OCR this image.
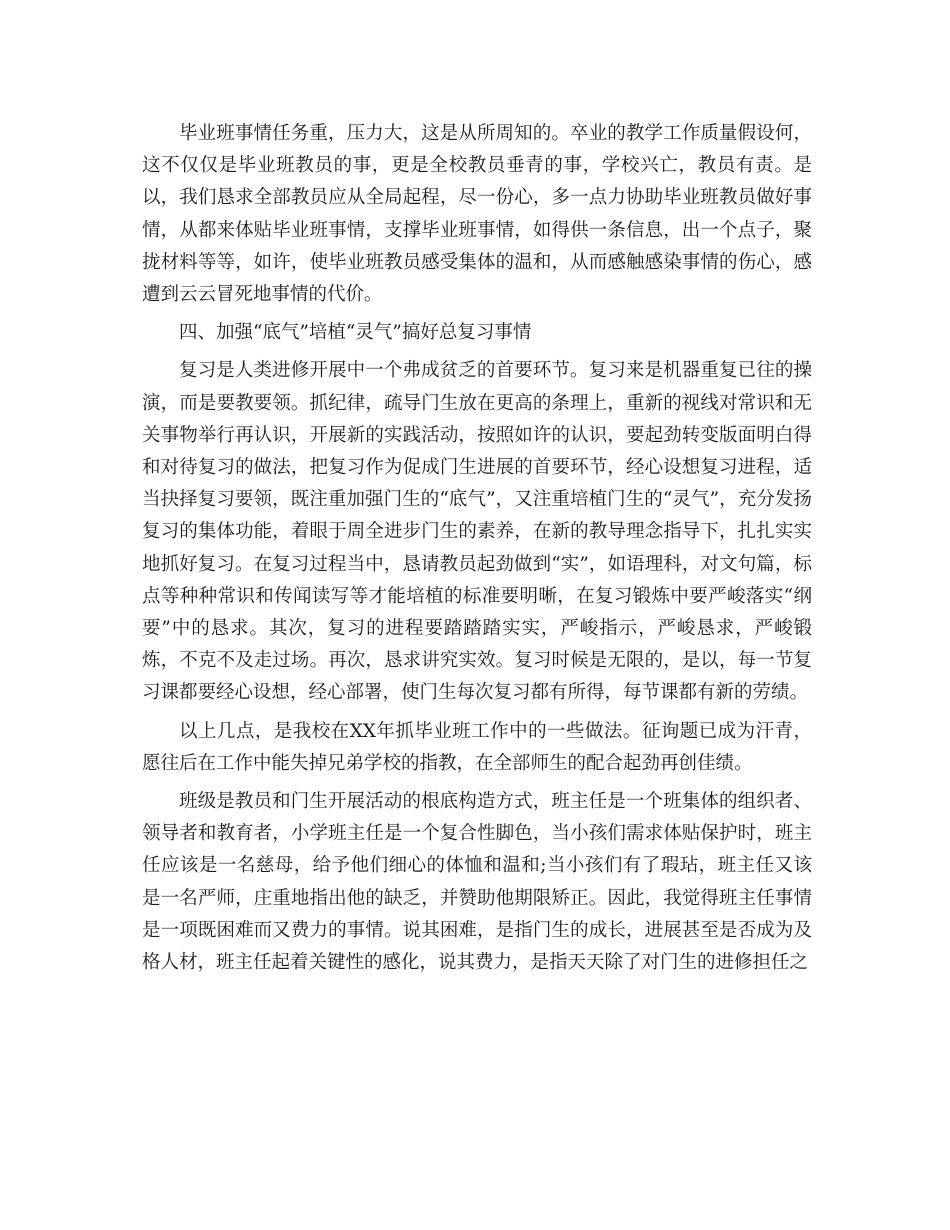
毕业班事情任务重，压力大，这是从所周知的。卒业的教学工作质量假设何，这不仅仅是毕业班教员的事，更是全校教员垂青的事，学校兴亡，教员有责。是以，我们恳求全部教员应从全局起程，尽一份心，多一点力协助毕业班教员做好事情，从都来体贴毕业班事情，支撑毕业班事情，如得供一条信息，出一个点子，聚拢材料等等，如许，使毕业班教员感受集体的温和，从而感触感染事情的伤心，感遭到云云冒死地事情的代价。

四、加强“底气”培植“灵气”搞好总复习事情

复习是人类进修开展中一个弗成贫乏的首要环节。复习来是机器重复已往的操演，而是要教要领。抓纪律，疏导门生放在更高的条理上，重新的视线对常识和无关事物举行再认识，开展新的实践活动，按照如许的认识，要起劲转变版面明白得和对待复习的做法，把复习作为促成门生进展的首要环节，经心设想复习进程，适当抉择复习要领，既注重加强门生的“底气”，又注重培植门生的“灵气”，充分发扬复习的集体功能，着眼于周全进步门生的素养，在新的教导理念指导下，扎扎实实地抓好复习。在复习过程当中，恳请教员起劲做到“实”，如语理科，对文句篇，标点等种种常识和传闻读写等才能培植的标准要明晰，在复习锻炼中要严峻落实“纲要”中的恳求。其次，复习的进程要踏踏踏实实，严峻指示，严峻恳求，严峻锻炼，不克不及走过场。再次，恳求讲究实效。复习时候是无限的，是以，每一节复习课都要经心设想，经心部署，使门生每次复习都有所得，每节课都有新的劳绩。

以上几点，是我校在XX年抓毕业班工作中的一些做法。征询题已成为汗青，愿往后在工作中能失掉兄弟学校的指教，在全部师生的配合起劲再创佳绩。

班级是教员和门生开展活动的根底构造方式，班主任是一个班集体的组织者、领导者和教育者，小学班主任是一个复合性脚色，当小孩们需求体贴保护时，班主任应该是一名慈母，给予他们细心的体恤和温和;当小孩们有了瑕玷，班主任又该是一名严师，庄重地指出他的缺乏，并赞助他期限矫正。因此，我觉得班主任事情是一项既困难而又费力的事情。说其困难，是指门生的成长，进展甚至是否成为及格人材，班主任起着关键性的感化，说其费力，是指天天除了对门生的进修担任之
